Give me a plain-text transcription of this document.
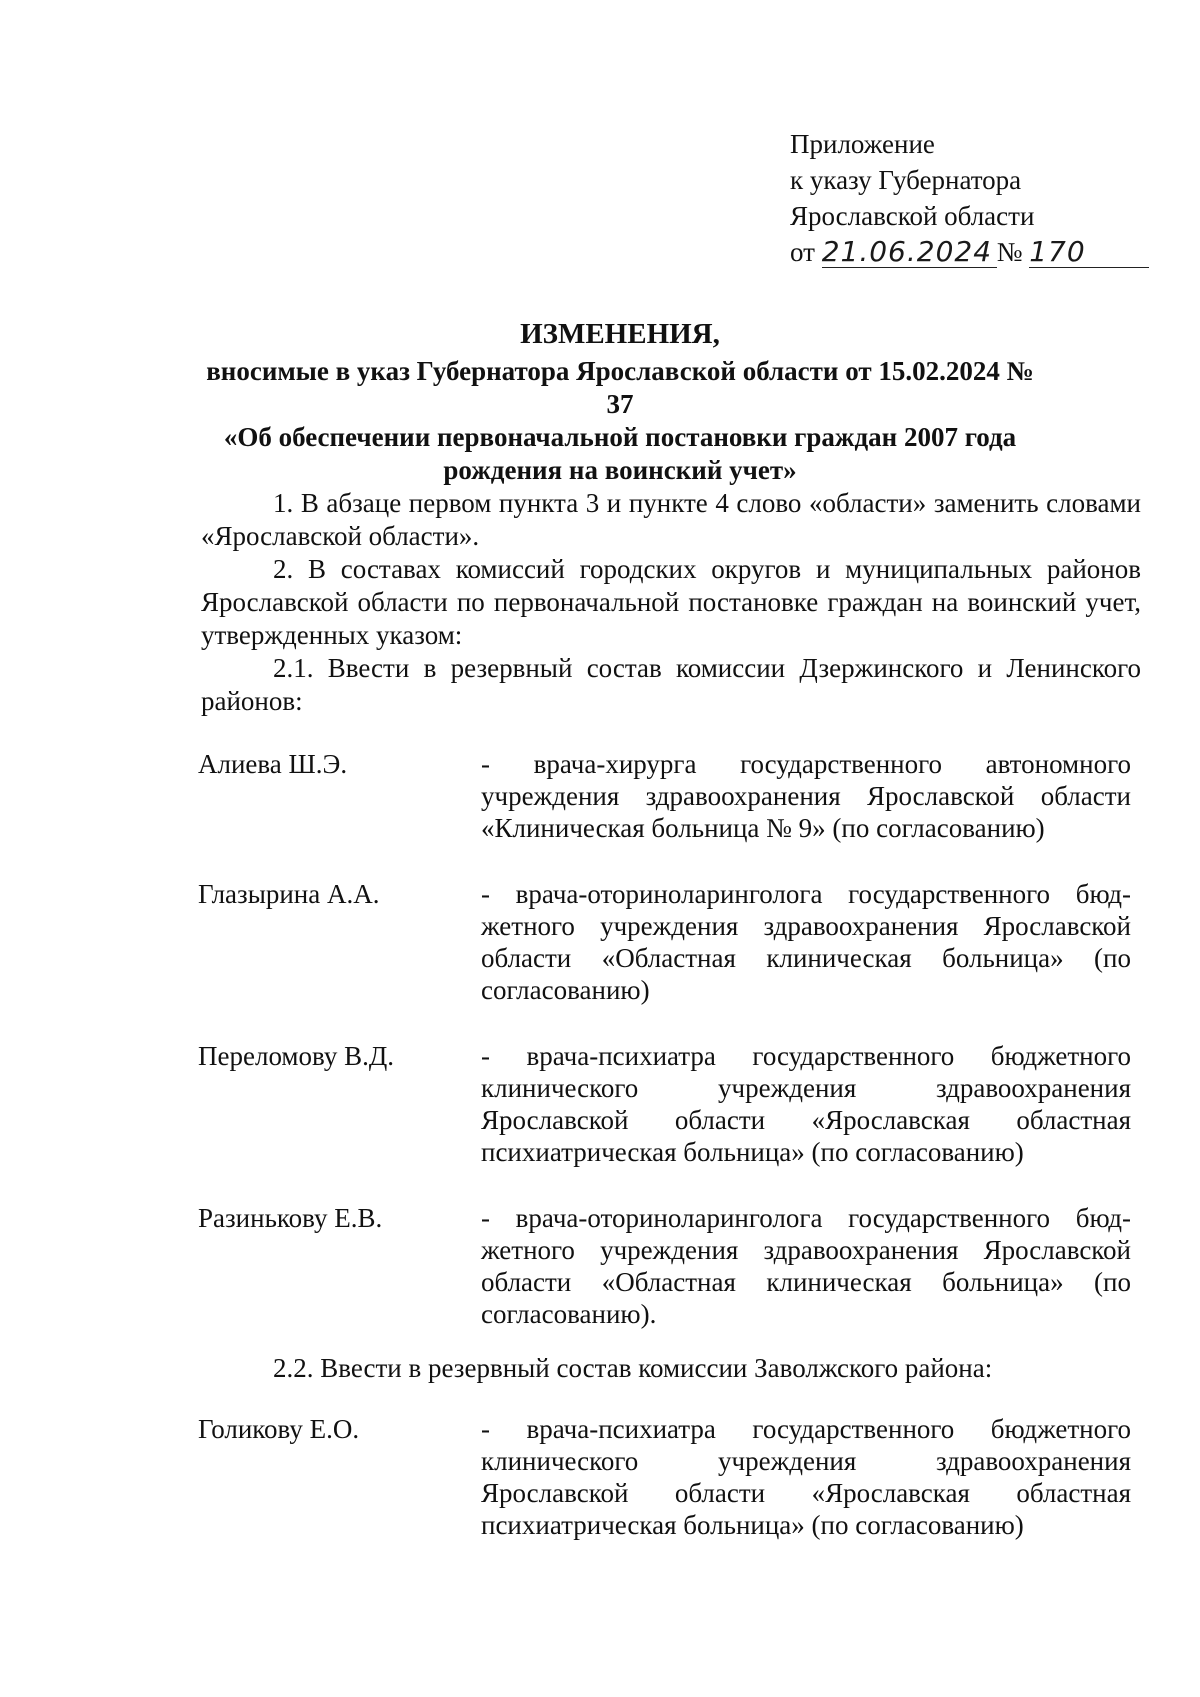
Приложение
к указу Губернатора
Ярославской области
от 21.06.2024 № 170
ИЗМЕНЕНИЯ,
вносимые в указ Губернатора Ярославской области от 15.02.2024 № 37
«Об обеспечении первоначальной постановки граждан 2007 года
рождения на воинский учет»

1. В абзаце первом пункта 3 и пункте 4 слово «области» заменить словами «Ярославской области».

2. В составах комиссий городских округов и муниципальных районов Ярославской области по первоначальной постановке граждан на воинский учет, утвержденных указом:

2.1. Ввести в резервный состав комиссии Дзержинского и Ленинского районов:

Алиева Ш.Э.	- врача-хирурга государственного автономного учреждения здравоохранения Ярославской области «Клиническая больница № 9» (по согласованию)
Глазырина А.А.	- врача-оториноларинголога государственного бюджетного учреждения здравоохранения Ярославской области «Областная клиническая больница» (по согласованию)
Переломову В.Д.	- врача-психиатра государственного бюджетного клинического учреждения здравоохранения Ярославской области «Ярославская областная психиатрическая больница» (по согласованию)
Разинькову Е.В.	- врача-оториноларинголога государственного бюджетного учреждения здравоохранения Ярославской области «Областная клиническая больница» (по согласованию).
2.2. Ввести в резервный состав комиссии Заволжского района:
Голикову Е.О.	- врача-психиатра государственного бюджетного клинического учреждения здравоохранения Ярославской области «Ярославская областная психиатрическая больница» (по согласованию)
